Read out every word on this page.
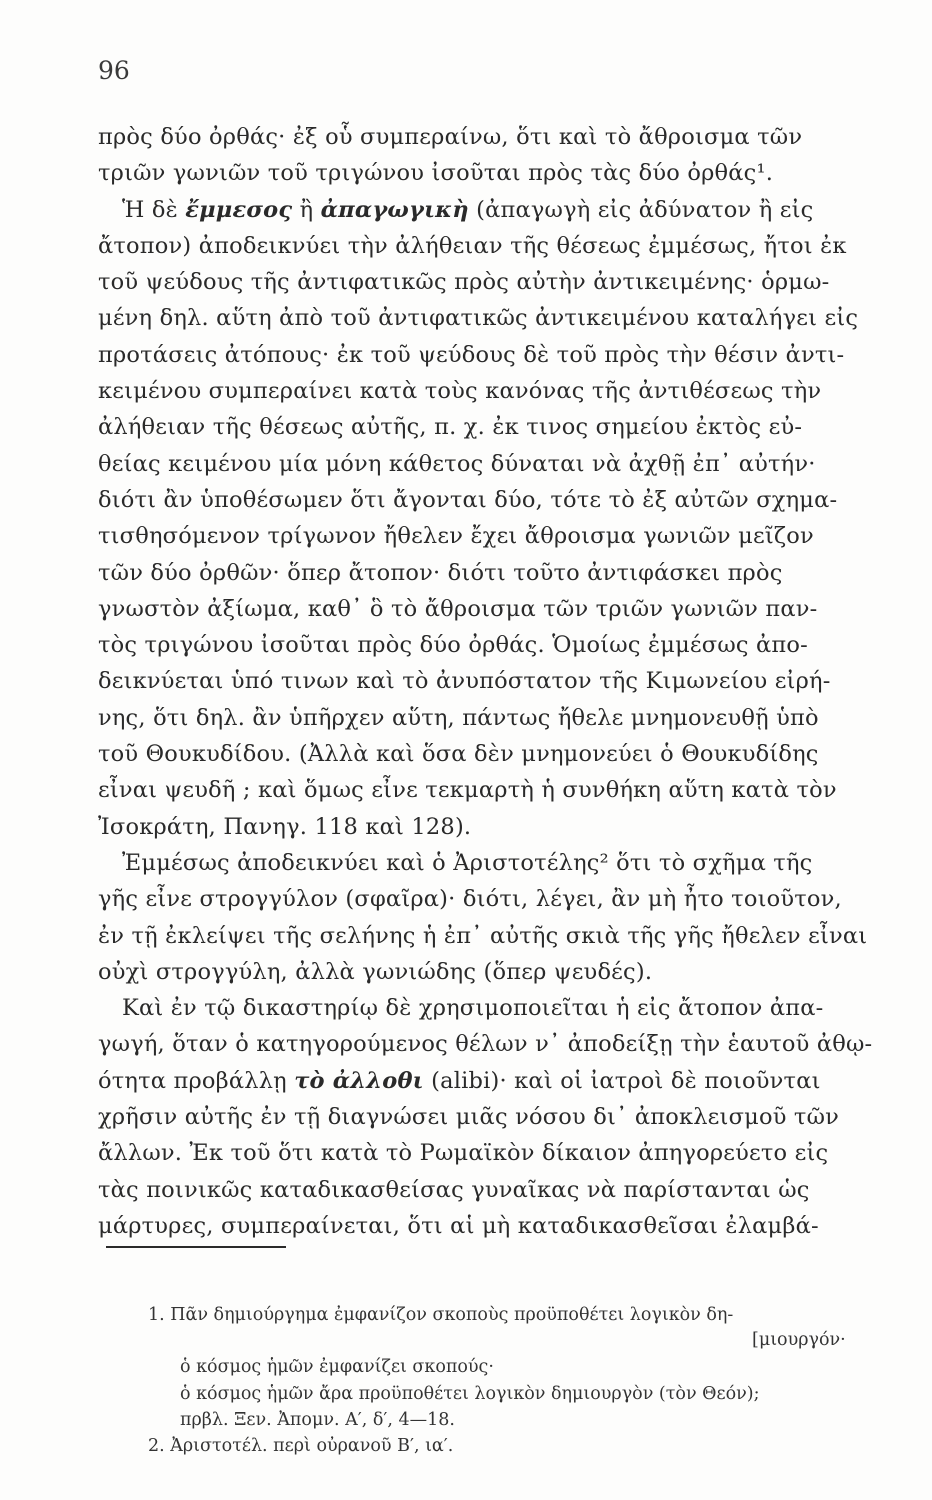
96
πρὸς δύο ὀρθάς· ἐξ οὗ συμπεραίνω, ὅτι καὶ τὸ ἄθροισμα τῶν
τριῶν γωνιῶν τοῦ τριγώνου ἰσοῦται πρὸς τὰς δύο ὀρθάς¹.
Ἡ δὲ ἔμμεσος ἢ ἀπαγωγικὴ (ἀπαγωγὴ εἰς ἀδύνατον ἢ εἰς
ἄτοπον) ἀποδεικνύει τὴν ἀλήθειαν τῆς θέσεως ἐμμέσως, ἤτοι ἐκ
τοῦ ψεύδους τῆς ἀντιφατικῶς πρὸς αὐτὴν ἀντικειμένης· ὁρμω-
μένη δηλ. αὕτη ἀπὸ τοῦ ἀντιφατικῶς ἀντικειμένου καταλήγει εἰς
προτάσεις ἀτόπους· ἐκ τοῦ ψεύδους δὲ τοῦ πρὸς τὴν θέσιν ἀντι-
κειμένου συμπεραίνει κατὰ τοὺς κανόνας τῆς ἀντιθέσεως τὴν
ἀλήθειαν τῆς θέσεως αὐτῆς, π. χ. ἐκ τινος σημείου ἐκτὸς εὐ-
θείας κειμένου μία μόνη κάθετος δύναται νὰ ἀχθῇ ἐπ᾽ αὐτήν·
διότι ἂν ὑποθέσωμεν ὅτι ἄγονται δύο, τότε τὸ ἐξ αὐτῶν σχημα-
τισθησόμενον τρίγωνον ἤθελεν ἔχει ἄθροισμα γωνιῶν μεῖζον
τῶν δύο ὀρθῶν· ὅπερ ἄτοπον· διότι τοῦτο ἀντιφάσκει πρὸς
γνωστὸν ἀξίωμα, καθ᾽ ὃ τὸ ἄθροισμα τῶν τριῶν γωνιῶν παν-
τὸς τριγώνου ἰσοῦται πρὸς δύο ὀρθάς. Ὁμοίως ἐμμέσως ἀπο-
δεικνύεται ὑπό τινων καὶ τὸ ἀνυπόστατον τῆς Κιμωνείου εἰρή-
νης, ὅτι δηλ. ἂν ὑπῆρχεν αὕτη, πάντως ἤθελε μνημονευθῇ ὑπὸ
τοῦ Θουκυδίδου. (Ἀλλὰ καὶ ὅσα δὲν μνημονεύει ὁ Θουκυδίδης
εἶναι ψευδῆ ; καὶ ὅμως εἶνε τεκμαρτὴ ἡ συνθήκη αὕτη κατὰ τὸν
Ἰσοκράτη, Πανηγ. 118 καὶ 128).
Ἐμμέσως ἀποδεικνύει καὶ ὁ Ἀριστοτέλης² ὅτι τὸ σχῆμα τῆς
γῆς εἶνε στρογγύλον (σφαῖρα)· διότι, λέγει, ἂν μὴ ἦτο τοιοῦτον,
ἐν τῇ ἐκλείψει τῆς σελήνης ἡ ἐπ᾽ αὐτῆς σκιὰ τῆς γῆς ἤθελεν εἶναι
οὐχὶ στρογγύλη, ἀλλὰ γωνιώδης (ὅπερ ψευδές).
Καὶ ἐν τῷ δικαστηρίῳ δὲ χρησιμοποιεῖται ἡ εἰς ἄτοπον ἀπα-
γωγή, ὅταν ὁ κατηγορούμενος θέλων ν᾽ ἀποδείξῃ τὴν ἑαυτοῦ ἀθῳ-
ότητα προβάλλῃ τὸ ἀλλοθι (alibi)· καὶ οἱ ἰατροὶ δὲ ποιοῦνται
χρῆσιν αὐτῆς ἐν τῇ διαγνώσει μιᾶς νόσου δι᾽ ἀποκλεισμοῦ τῶν
ἄλλων. Ἐκ τοῦ ὅτι κατὰ τὸ Ρωμαϊκὸν δίκαιον ἀπηγορεύετο εἰς
τὰς ποινικῶς καταδικασθείσας γυναῖκας νὰ παρίστανται ὡς
μάρτυρες, συμπεραίνεται, ὅτι αἱ μὴ καταδικασθεῖσαι ἐλαμβά-
1. Πᾶν δημιούργημα ἐμφανίζον σκοποὺς προϋποθέτει λογικὸν δη-
[μιουργόν·
ὁ κόσμος ἡμῶν ἐμφανίζει σκοπούς·
ὁ κόσμος ἡμῶν ἄρα προϋποθέτει λογικὸν δημιουργὸν (τὸν Θεόν);
πρβλ. Ξεν. Ἀπομν. Α′, δ′, 4—18.
2. Ἀριστοτέλ. περὶ οὐρανοῦ Β′, ια′.
